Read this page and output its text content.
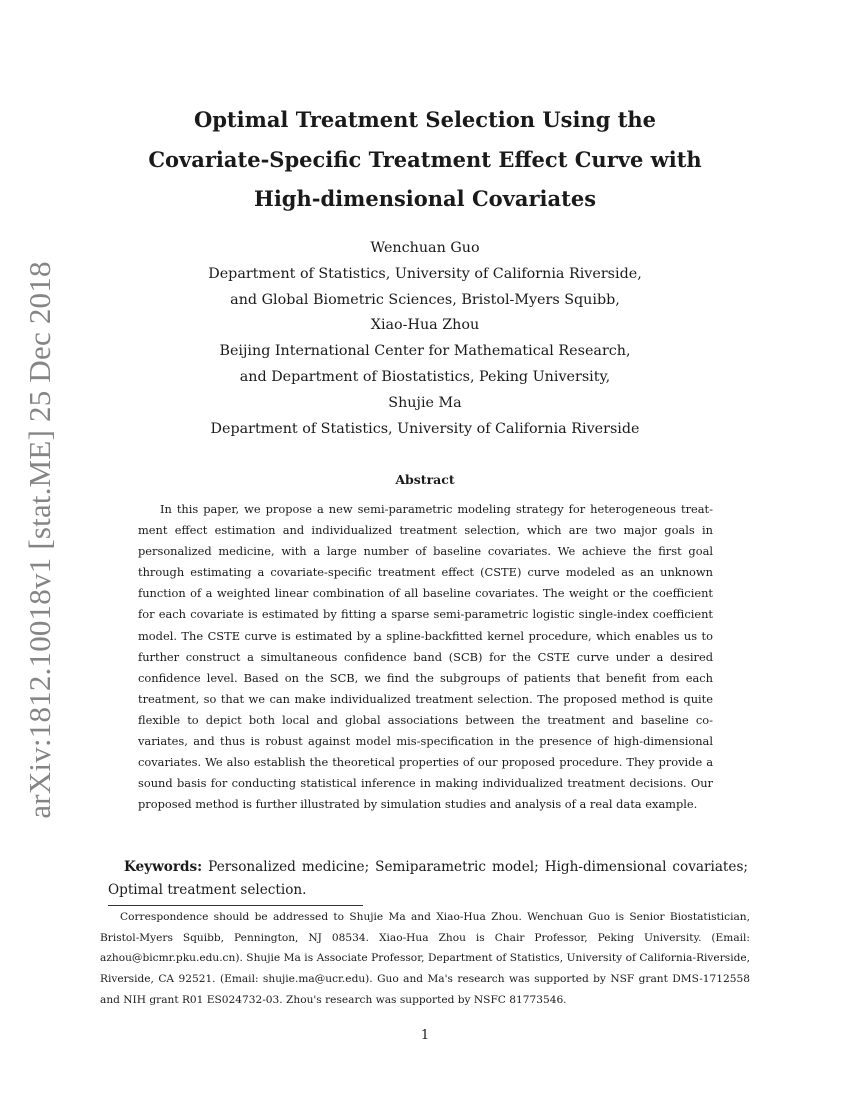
arXiv:1812.10018v1 [stat.ME] 25 Dec 2018
Optimal Treatment Selection Using the
Covariate-Specific Treatment Effect Curve with
High-dimensional Covariates
Wenchuan Guo
Department of Statistics, University of California Riverside,
and Global Biometric Sciences, Bristol-Myers Squibb,
Xiao-Hua Zhou
Beijing International Center for Mathematical Research,
and Department of Biostatistics, Peking University,
Shujie Ma
Department of Statistics, University of California Riverside
Abstract

In this paper, we propose a new semi-parametric modeling strategy for heterogeneous treatment effect estimation and individualized treatment selection, which are two major goals in personalized medicine, with a large number of baseline covariates. We achieve the first goal through estimating a covariate-specific treatment effect (CSTE) curve modeled as an unknown function of a weighted linear combination of all baseline covariates. The weight or the coefficient for each covariate is estimated by fitting a sparse semi-parametric logistic single-index coefficient model. The CSTE curve is estimated by a spline-backfitted kernel procedure, which enables us to further construct a simultaneous confidence band (SCB) for the CSTE curve under a desired confidence level. Based on the SCB, we find the subgroups of patients that benefit from each treatment, so that we can make individualized treatment selection. The proposed method is quite flexible to depict both local and global associations between the treatment and baseline covariates, and thus is robust against model mis-specification in the presence of high-dimensional covariates. We also establish the theoretical properties of our proposed procedure. They provide a sound basis for conducting statistical inference in making individualized treatment decisions. Our proposed method is further illustrated by simulation studies and analysis of a real data example.

Keywords: Personalized medicine; Semiparametric model; High-dimensional covariates; Optimal treatment selection.

Correspondence should be addressed to Shujie Ma and Xiao-Hua Zhou. Wenchuan Guo is Senior Biostatistician, Bristol-Myers Squibb, Pennington, NJ 08534. Xiao-Hua Zhou is Chair Professor, Peking University. (Email: azhou@bicmr.pku.edu.cn). Shujie Ma is Associate Professor, Department of Statistics, University of California-Riverside, Riverside, CA 92521. (Email: shujie.ma@ucr.edu). Guo and Ma's research was supported by NSF grant DMS-1712558 and NIH grant R01 ES024732-03. Zhou's research was supported by NSFC 81773546.

1
